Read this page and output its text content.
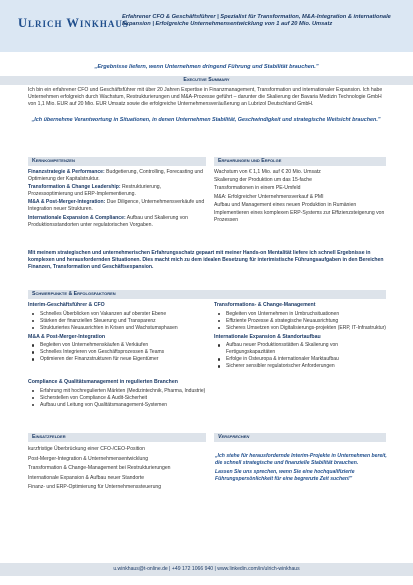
Ulrich Winkhaus
Erfahrener CFO & Geschäftsführer | Spezialist für Transformation, M&A-Integration & internationale Expansion | Erfolgreiche Unternehmensentwicklung von 1 auf 20 Mio. Umsatz
„Ergebnisse liefern, wenn Unternehmen dringend Führung und Stabilität brauchen."
Executive Summary
Ich bin ein erfahrener CFO und Geschäftsführer mit über 20 Jahren Expertise in Finanzmanagement, Transformation und internationaler Expansion. Ich habe Unternehmen erfolgreich durch Wachstum, Restrukturierungen und M&A-Prozesse geführt – darunter die Skalierung der Bavaria Medizin Technologie GmbH von 1,1 Mio. EUR auf 20 Mio. EUR Umsatz sowie die erfolgreiche Unternehmensveräußerung an Lubrizol Deutschland GmbH.
„Ich übernehme Verantwortung in Situationen, in denen Unternehmen Stabilität, Geschwindigkeit und strategische Weitsicht brauchen."
Kernkompetenzen	Erfahrungen und Erfolge

Finanzstrategie & Performance: Budgetierung, Controlling, Forecasting und Optimierung der Kapitalstruktur.

Transformation & Change Leadership: Restrukturierung, Prozessoptimierung und ERP-Implementierung.

M&A & Post-Merger-Integration: Due Diligence, Unternehmensverkäufe und Integration neuer Strukturen.

Internationale Expansion & Compliance: Aufbau und Skalierung von Produktionsstandorten unter regulatorischen Vorgaben.

Wachstum von € 1,1 Mio. auf € 20 Mio. Umsatz

Skalierung der Produktion um das 15-fache

Transformationen in einem PE-Umfeld

M&A: Erfolgreicher Unternehmensverkauf & PMI

Aufbau und Management eines neuen Produktion in Rumänien

Implementieren eines komplexen ERP-Systems zur Effizienzsteigerung von Prozessen

Mit meinem strategischen und unternehmerischen Erfahrungsschatz gepaart mit meiner Hands-on Mentalität liefere ich schnell Ergebnisse in komplexen und herausfordernden Situationen. Dies macht mich zu dem idealen Besetzung für interimistische Führungsaufgaben in den Bereichen Finanzen, Transformation und Geschäftsexpansion.
Schwerpunkte & Erfolgsfaktoren
Interim-Geschäftsführer & CFO
Schnelles Überblicken von Vakanzen auf oberster Ebene
Stärken der finanziellen Steuerung und Transparenz
Strukturiertes Neuausrichten in Krisen und Wachstumsphasen
M&A & Post-Merger-Integration
Begleiten von Unternehmenskäufen & Verkäufen
Schnelles Integrieren von Geschäftsprozessen & Teams
Optimieren der Finanzstrukturen für neue Eigentümer
Transformations- & Change-Management
Begleiten von Unternehmen in Umbruchsituationen
Effiziente Prozesse & strategische Neuausrichtung
Sicheres Umsetzen von Digitalisierungs-projekten (ERP, IT-Infrastruktur)
Internationale Expansion & Standortaufbau
Aufbau neuer Produktionsstätten & Skalierung von Fertigungskapazitäten
Erfolge in Osteuropa & internationaler Marktaufbau
Sicherer sensibler regulatorischer Anforderungen
Compliance & Qualitätsmanagement in regulierten Branchen
Erfahrung mit hochregulierten Märkten (Medizintechnik, Pharma, Industrie)
Sicherstellen von Compliance & Audit-Sicherheit
Aufbau und Leitung von Qualitätsmanagement-Systemen
Einsatzfelder	Versprechen
kurzfristige Überbrückung einer CFO-/CEO-Position
Post-Merger-Integration & Unternehmensentwicklung
Transformation & Change-Management bei Restrukturierungen
Internationale Expansion & Aufbau neuer Standorte
Finanz- und ERP-Optimierung für Unternehmenssteuerung

„Ich stehe für herausfordernde Interim-Projekte in Unternehmen bereit, die schnell strategische und finanzielle Stabilität brauchen.

Lassen Sie uns sprechen, wenn Sie eine hochqualifizierte Führungspersönlichkeit für eine begrenzte Zeit suchen!"

u.winkhaus@t-online.de | +49 172 1066 940 | www.linkedin.com/in/ulrich-winkhaus
